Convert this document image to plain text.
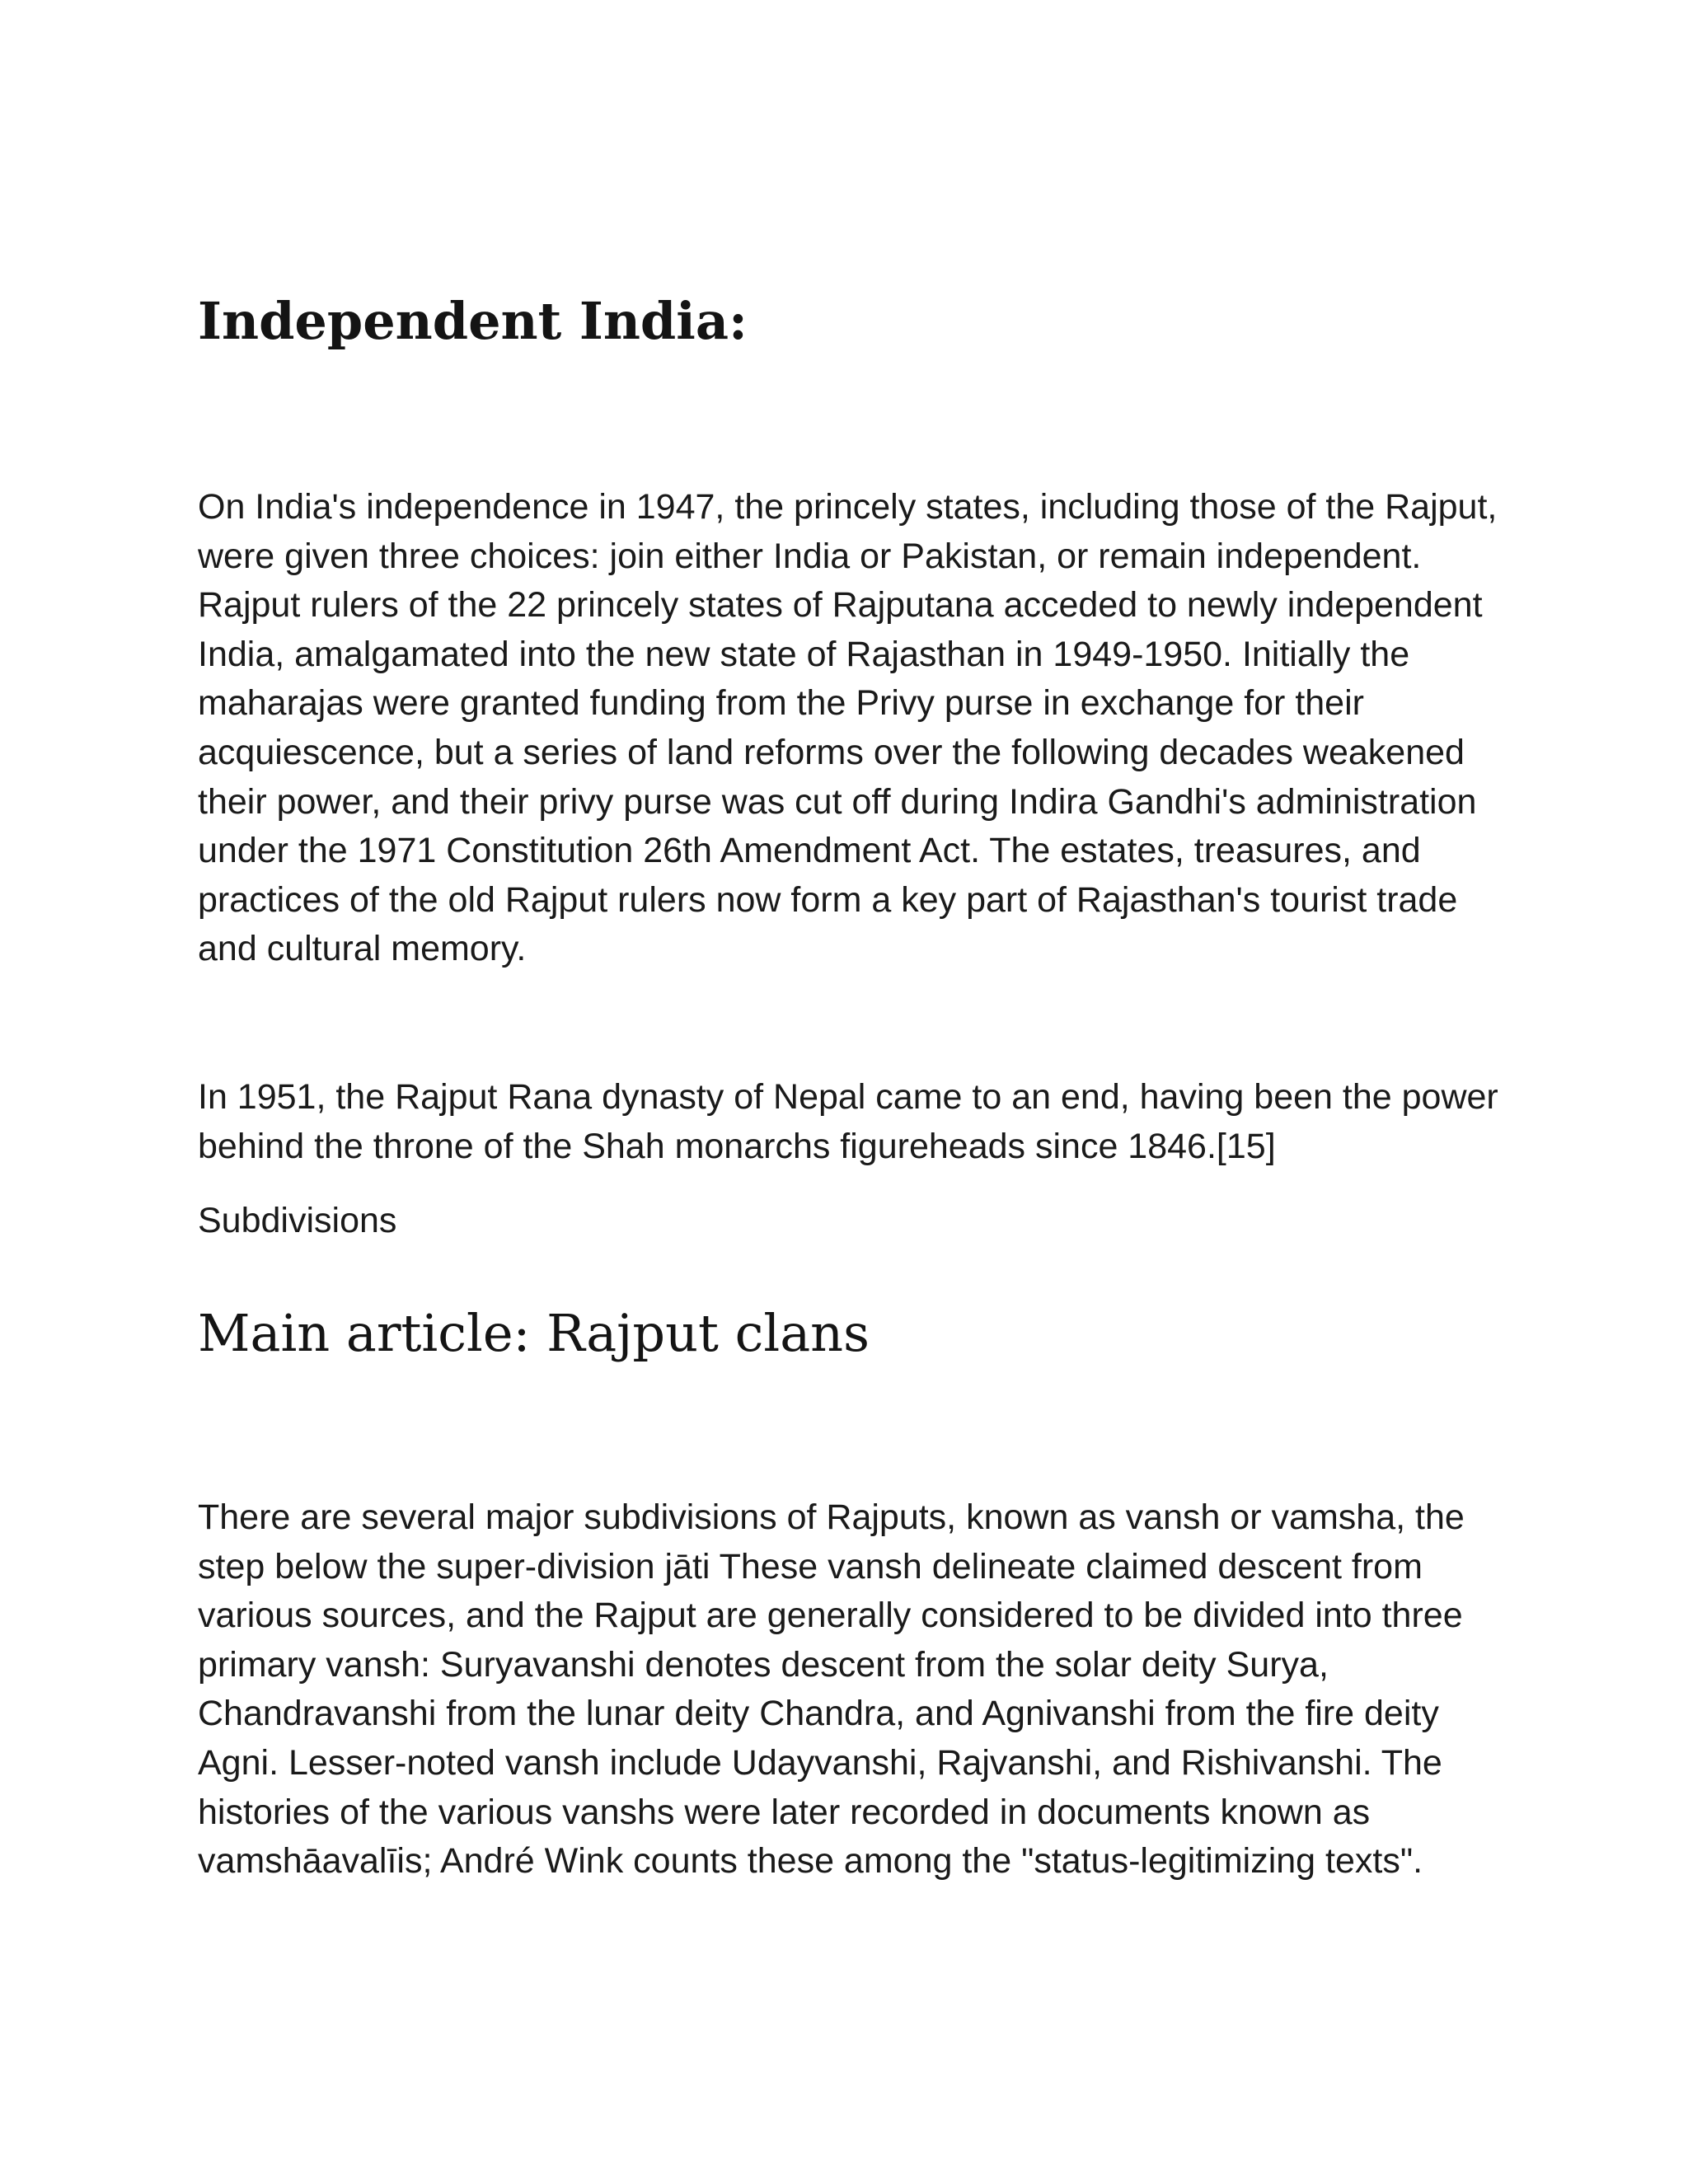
Independent India:

On India's independence in 1947, the princely states, including those of the Rajput, were given three choices: join either India or Pakistan, or remain independent. Rajput rulers of the 22 princely states of Rajputana acceded to newly independent India, amalgamated into the new state of Rajasthan in 1949-1950. Initially the maharajas were granted funding from the Privy purse in exchange for their acquiescence, but a series of land reforms over the following decades weakened their power, and their privy purse was cut off during Indira Gandhi's administration under the 1971 Constitution 26th Amendment Act. The estates, treasures, and practices of the old Rajput rulers now form a key part of Rajasthan's tourist trade and cultural memory.

In 1951, the Rajput Rana dynasty of Nepal came to an end, having been the power behind the throne of the Shah monarchs figureheads since 1846.[15]

Subdivisions

Main article: Rajput clans

There are several major subdivisions of Rajputs, known as vansh or vamsha, the step below the super-division jāti These vansh delineate claimed descent from various sources, and the Rajput are generally considered to be divided into three primary vansh: Suryavanshi denotes descent from the solar deity Surya, Chandravanshi from the lunar deity Chandra, and Agnivanshi from the fire deity Agni. Lesser-noted vansh include Udayvanshi, Rajvanshi, and Rishivanshi. The histories of the various vanshs were later recorded in documents known as vamshāavalīis; André Wink counts these among the "status-legitimizing texts".
